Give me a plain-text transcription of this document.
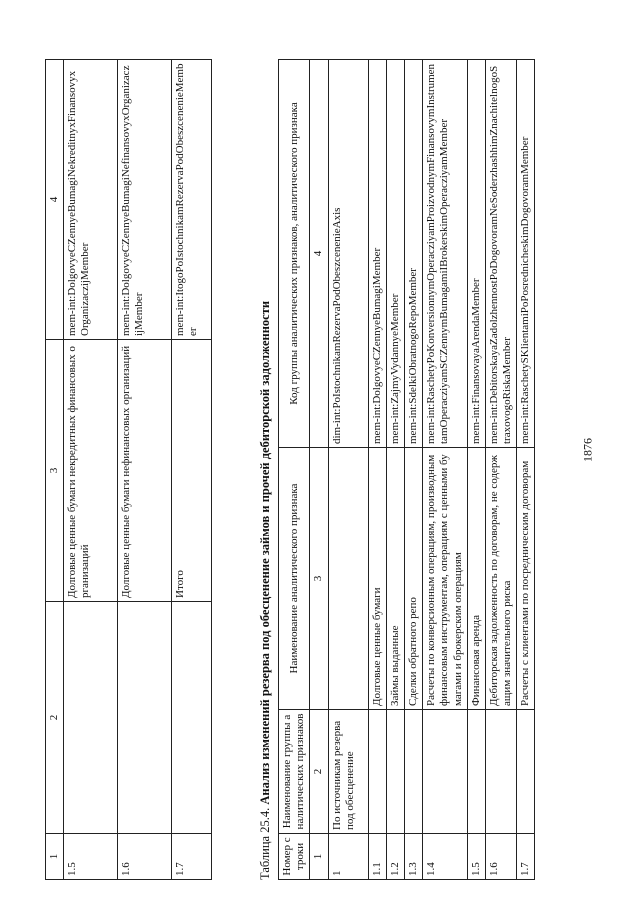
1876
1	2	3	4
1.5		Долговые ценные бумаги некредитных финансовых организаций	mem-int:DolgovyeCZennyeBumagiNekreditnyxFinansovyxOrganizaczijMember
1.6		Долговые ценные бумаги нефинансовых организаций	mem-int:DolgovyeCZennyeBumagiNefinansovyxOrganizaczijMember
1.7		Итого	mem-int:ItogoPoIstochnikamRezervaPodObeszcenenieMember
Таблица 25.4. Анализ изменений резерва под обесценение займов и прочей дебиторской задолженности
Номер строки	Наименование группы аналитических признаков	Наименование аналитического признака	Код группы аналитических признаков, аналитического признака
1	2	3	4
1	По источникам резерва под обесценение		dim-int:PoIstochnikamRezervaPodObeszcenenieAxis
1.1		Долговые ценные бумаги	mem-int:DolgovyeCZennyeBumagiMember
1.2		Займы выданные	mem-int:ZajmyVydannyeMember
1.3		Сделки обратного репо	mem-int:SdelkiObratnogoRepoMember
1.4		Расчеты по конверсионным операциям, производным финансовым инструментам, операциям с ценными бумагами и брокерским операциям	mem-int:RaschetyPoKonversionnymOperacziyamProizvodnymFinansovymInstrumentamOperacziyamSCZennymBumagamiIBrokerskimOperacziyamMember
1.5		Финансовая аренда	mem-int:FinansovayaArendaMember
1.6		Дебиторская задолженность по договорам, не содержащим значительного риска	mem-int:DebitorskayaZadolzhennostPoDogovoramNeSoderzhashhimZnachitelnogoStraxovogoRiskaMember
1.7		Расчеты с клиентами по посредническим договорам	mem-int:RaschetySKlientamiPoPosrednicheskimDogovoramMember
